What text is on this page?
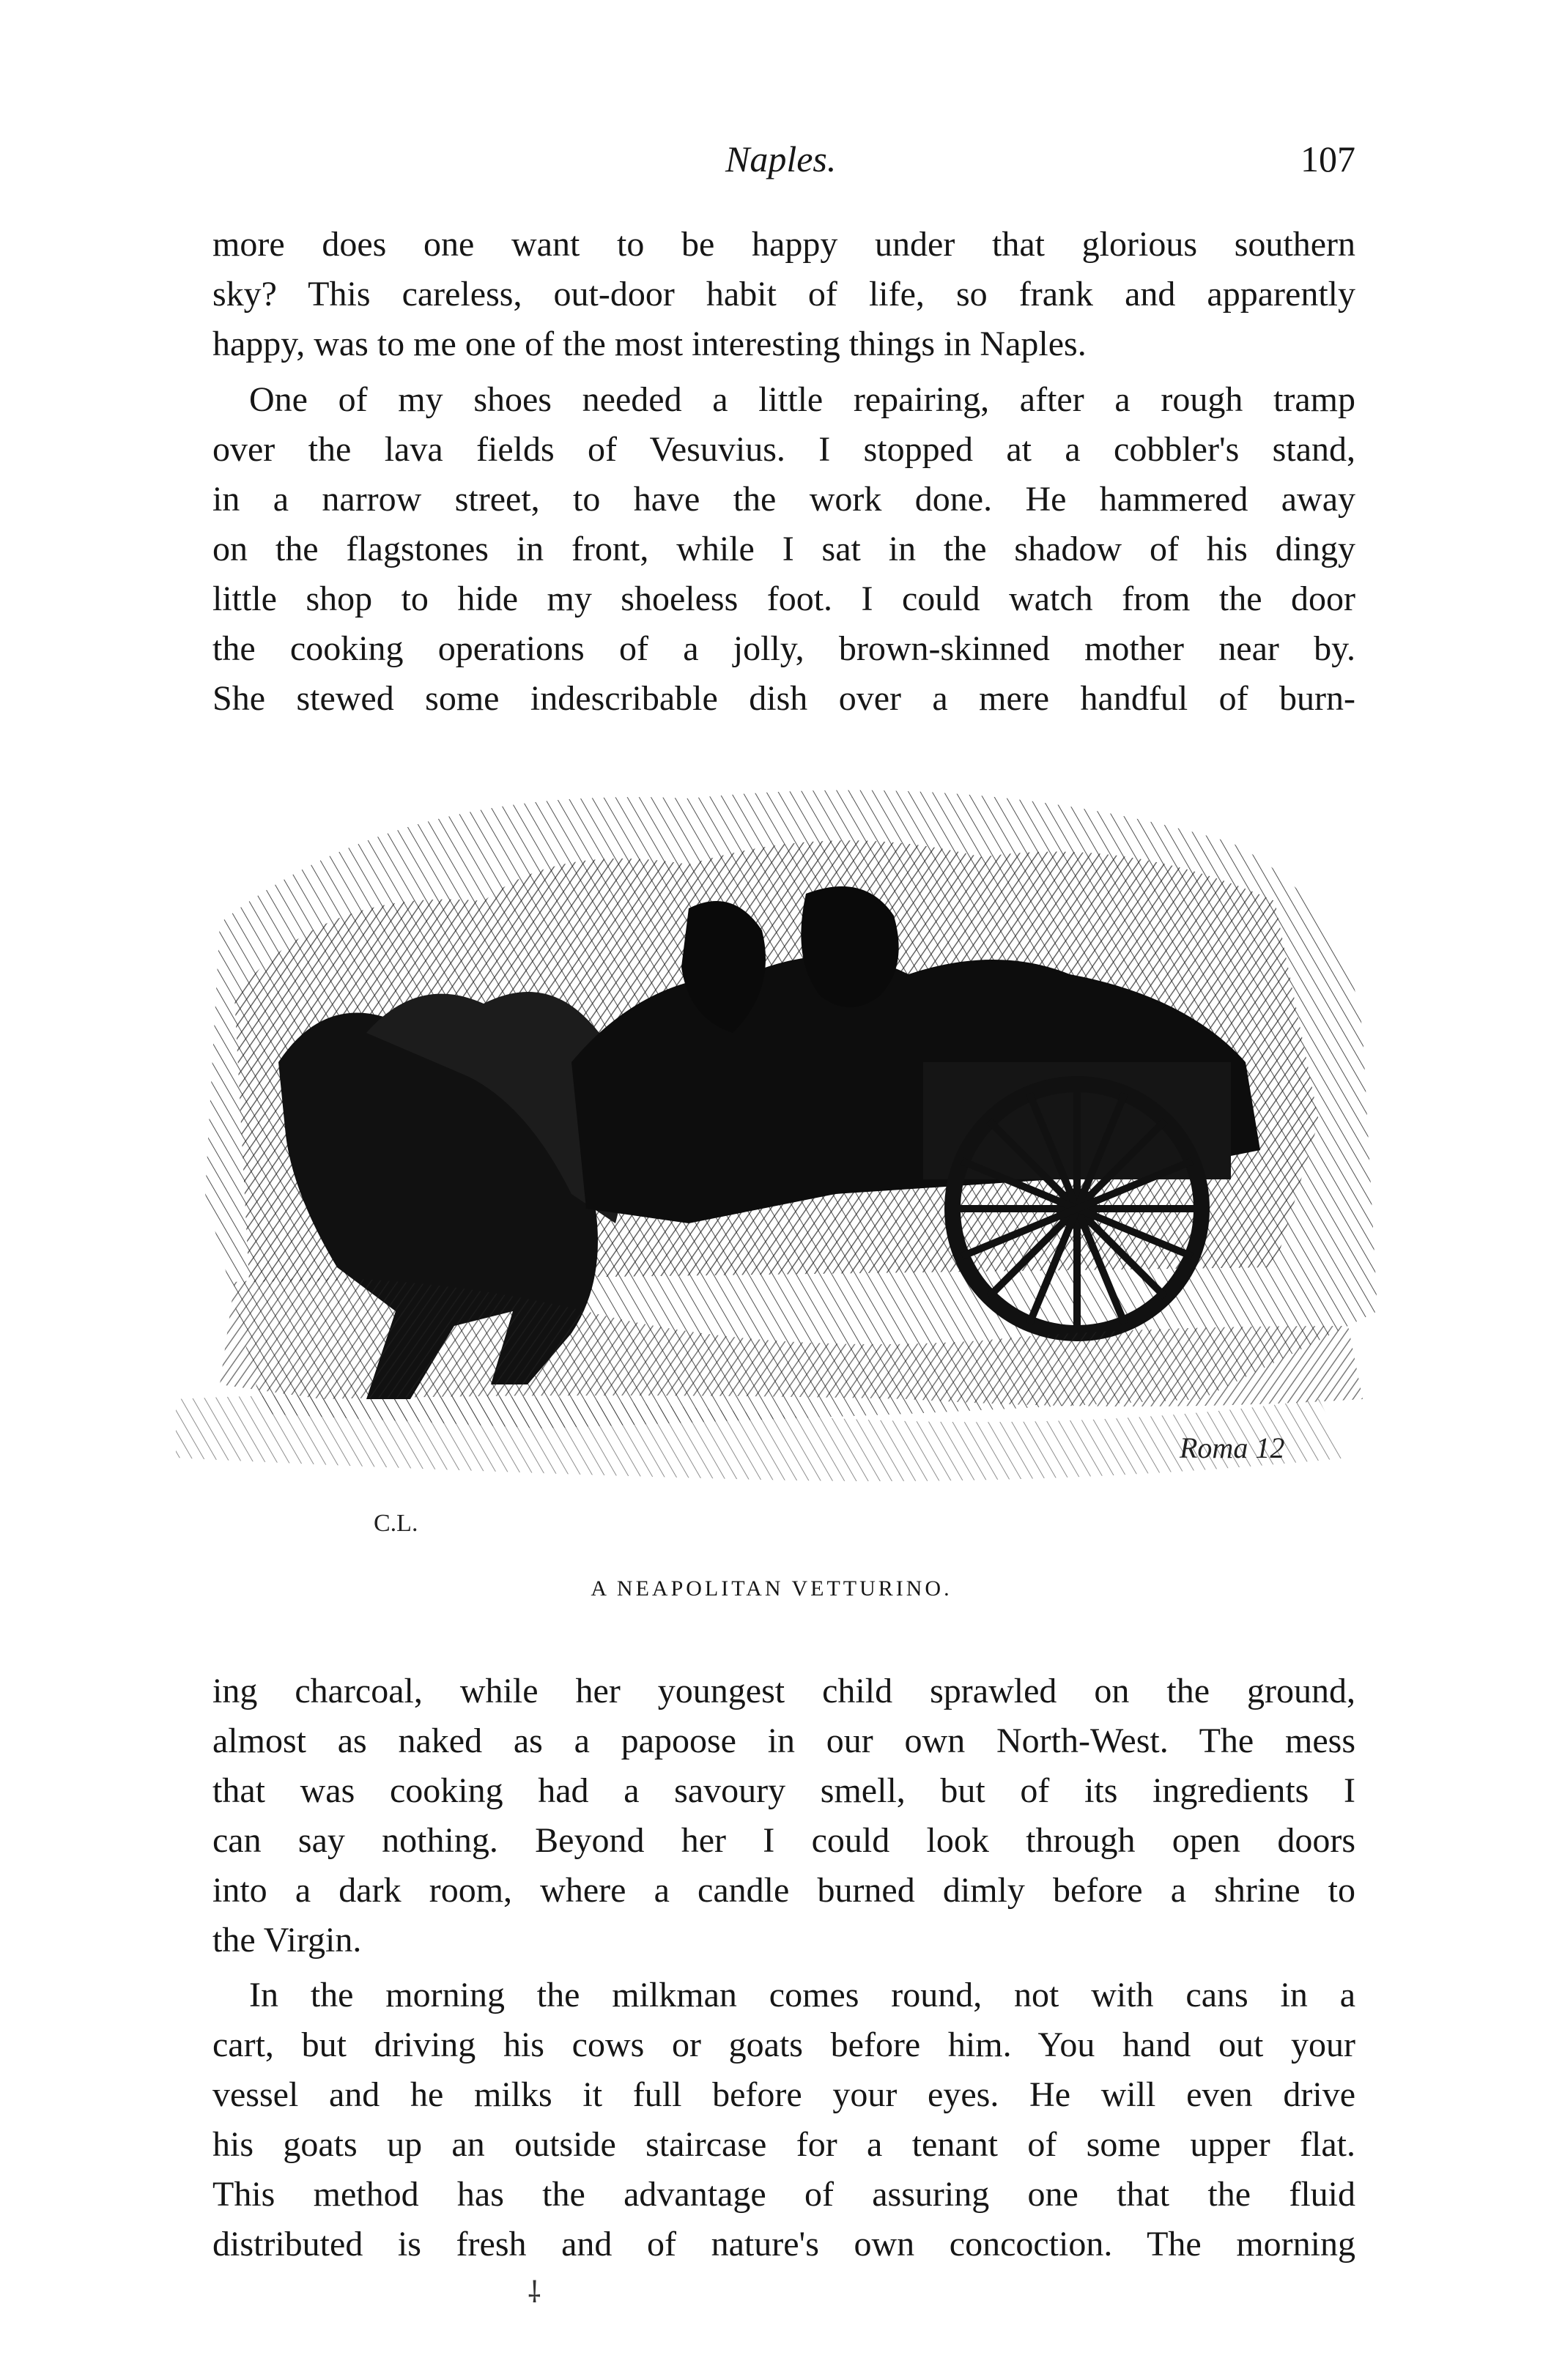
Naples.	107
more does one want to be happy under that glorious southern
sky? This careless, out-door habit of life, so frank and apparently
happy, was to me one of the most interesting things in Naples.
One of my shoes needed a little repairing, after a rough tramp
over the lava fields of Vesuvius. I stopped at a cobbler's stand,
in a narrow street, to have the work done. He hammered away
on the flagstones in front, while I sat in the shadow of his dingy
little shop to hide my shoeless foot. I could watch from the door
the cooking operations of a jolly, brown-skinned mother near by.
She stewed some indescribable dish over a mere handful of burn-
C.L.
Roma 12
A NEAPOLITAN VETTURINO.
ing charcoal, while her youngest child sprawled on the ground,
almost as naked as a papoose in our own North-West. The mess
that was cooking had a savoury smell, but of its ingredients I
can say nothing. Beyond her I could look through open doors
into a dark room, where a candle burned dimly before a shrine to
the Virgin.
In the morning the milkman comes round, not with cans in a
cart, but driving his cows or goats before him. You hand out your
vessel and he milks it full before your eyes. He will even drive
his goats up an outside staircase for a tenant of some upper flat.
This method has the advantage of assuring one that the fluid
distributed is fresh and of nature's own concoction. The morning
⸸
